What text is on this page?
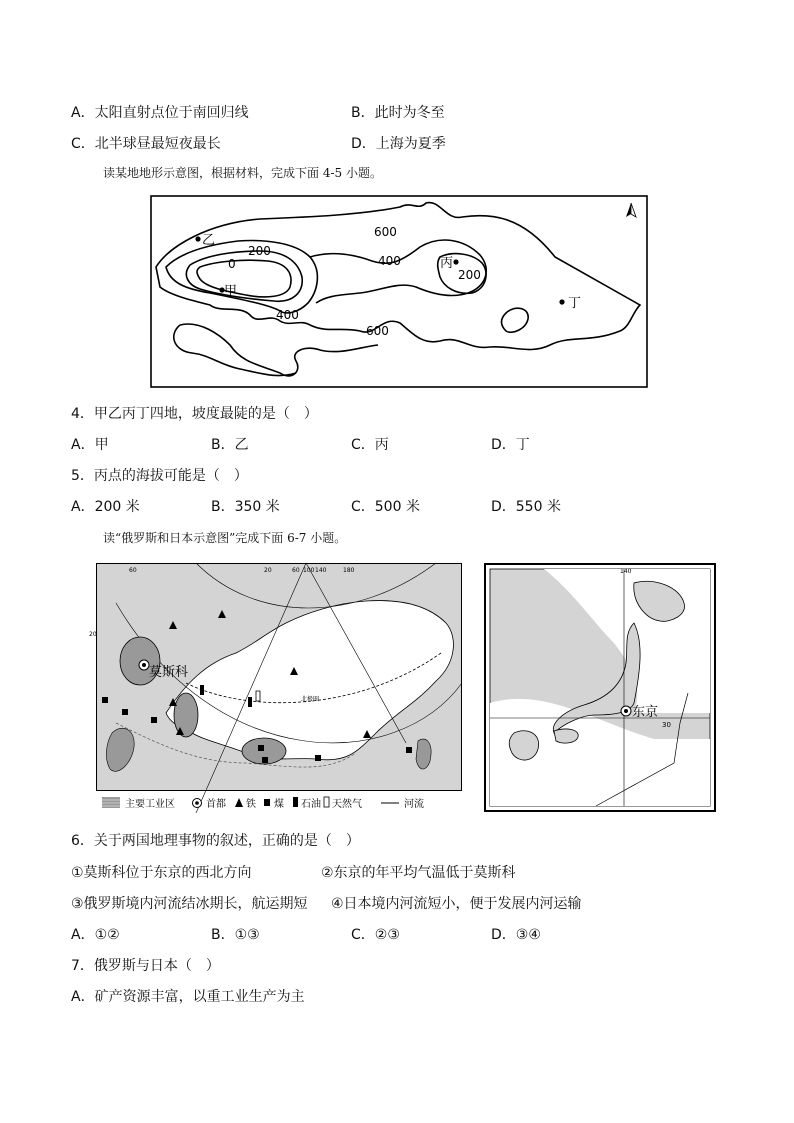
A．太阳直射点位于南回归线	B．此时为冬至
C．北半球昼最短夜最长	D．上海为夏季
读某地地形示意图，根据材料，完成下面 4-5 小题。
600
200
0	400
400
200
600
乙
甲
丙
丁
4．甲乙丙丁四地，坡度最陡的是（　）
A．甲	B．乙	C．丙	D．丁
5．丙点的海拔可能是（　）
A．200 米	B．350 米	C．500 米	D．550 米
读“俄罗斯和日本示意图”完成下面 6-7 小题。
莫斯科
北极圈
60	20	60 100 140	180
20
主要工业区	首都 铁 煤 石油 天然气	河流
东京
140
30
6．关于两国地理事物的叙述，正确的是（　）
①莫斯科位于东京的西北方向	②东京的年平均气温低于莫斯科
③俄罗斯境内河流结冰期长，航运期短 ④日本境内河流短小，便于发展内河运输
A．①②	B．①③	C．②③	D．③④
7．俄罗斯与日本（　）
A．矿产资源丰富，以重工业生产为主
